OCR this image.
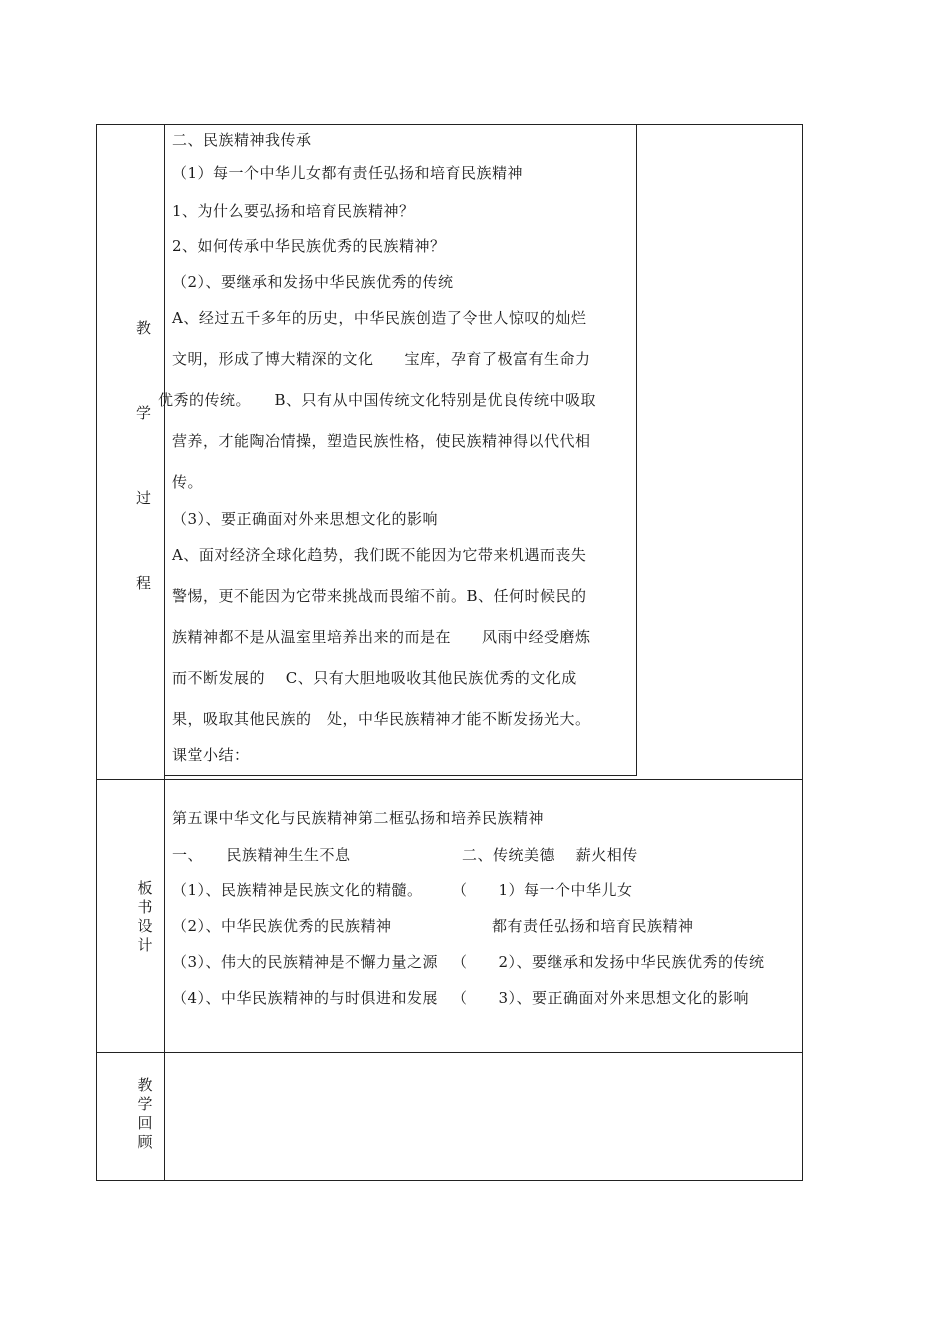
教
学
过
程
二、民族精神我传承
（1）每一个中华儿女都有责任弘扬和培育民族精神
1、为什么要弘扬和培育民族精神？
2、如何传承中华民族优秀的民族精神？
（2）、要继承和发扬中华民族优秀的传统
A、经过五千多年的历史，中华民族创造了令世人惊叹的灿烂
文明，形成了博大精深的文化　　宝库，孕育了极富有生命力
优秀的传统。　　B、只有从中国传统文化特别是优良传统中吸取
营养，才能陶冶情操，塑造民族性格，使民族精神得以代代相
传。
（3）、要正确面对外来思想文化的影响
A、面对经济全球化趋势，我们既不能因为它带来机遇而丧失
警惕，更不能因为它带来挑战而畏缩不前。B、任何时候民的
族精神都不是从温室里培养出来的而是在　　风雨中经受磨炼
而不断发展的　 C、只有大胆地吸收其他民族优秀的文化成
果，吸取其他民族的　处，中华民族精神才能不断发扬光大。
课堂小结：
板书设计
第五课中华文化与民族精神第二框弘扬和培养民族精神
一、　　民族精神生生不息
（1）、民族精神是民族文化的精髓。
（2）、中华民族优秀的民族精神
（3）、伟大的民族精神是不懈力量之源
（4）、中华民族精神的与时俱进和发展
二、传统美德　 薪火相传
（　　1）每一个中华儿女
都有责任弘扬和培育民族精神
（　　2）、要继承和发扬中华民族优秀的传统
（　　3）、要正确面对外来思想文化的影响
教学回顾
